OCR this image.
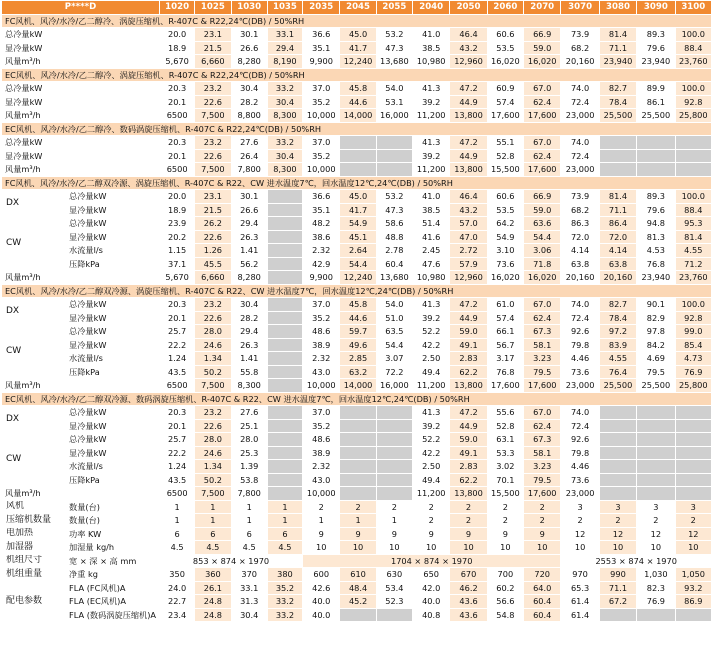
P****D		1020	1025	1030	1035	2035	2045	2055	2040	2050	2060	2070	3070	3080	3090	3100
FC风机、风冷/水冷/乙二醇冷、涡旋压缩机、R-407C & R22,24℃(DB) / 50%RH																
总冷量kW		20.0	23.1	30.1	33.1	36.6	45.0	53.2	41.0	46.4	60.6	66.9	73.9	81.4	89.3	100.0
显冷量kW		18.9	21.5	26.6	29.4	35.1	41.7	47.3	38.5	43.2	53.5	59.0	68.2	71.1	79.6	88.4
风量m³/h		5,670	6,660	8,280	8,190	9,900	12,240	13,680	10,980	12,960	16,020	16,020	20,160	23,940	23,940	23,760
EC风机、风冷/水冷/乙二醇冷、涡旋压缩机、R-407C & R22,24℃(DB) / 50%RH																
总冷量kW		20.3	23.2	30.4	33.2	37.0	45.8	54.0	41.3	47.2	60.9	67.0	74.0	82.7	89.9	100.0
显冷量kW		20.1	22.6	28.2	30.4	35.2	44.6	53.1	39.2	44.9	57.4	62.4	72.4	78.4	86.1	92.8
风量m³/h		6500	7,500	8,800	8,300	10,000	14,000	16,000	11,200	13,800	17,600	17,600	23,000	25,500	25,500	25,800
EC风机、风冷/水冷/乙二醇冷、数码涡旋压缩机、R-407C & R22,24℃(DB) / 50%RH																
总冷量kW		20.3	23.2	27.6	33.2	37.0			41.3	47.2	55.1	67.0	74.0			
显冷量kW		20.1	22.6	26.4	30.4	35.2			39.2	44.9	52.8	62.4	72.4			
风量m³/h		6500	7,500	7,800	8,300	10,000			11,200	13,800	15,500	17,600	23,000			
FC风机、风冷/水冷/乙二醇双冷源、涡旋压缩机、R-407C & R22、CW 进水温度7℃，回水温度12℃,24℃(DB) / 50%RH																
DX	总冷量kW	20.0	23.1	30.1		36.6	45.0	53.2	41.0	46.4	60.6	66.9	73.9	81.4	89.3	100.0
	显冷量kW	18.9	21.5	26.6		35.1	41.7	47.3	38.5	43.2	53.5	59.0	68.2	71.1	79.6	88.4
CW	总冷量kW	23.9	26.2	29.4		48.2	54.9	58.6	51.4	57.0	64.2	63.6	86.3	86.4	94.8	95.3
	显冷量kW	20.2	22.6	26.3		38.6	45.1	48.8	41.6	47.0	54.9	54.4	72.0	72.0	81.3	81.4
	水流量l/s	1.15	1.26	1.41		2.32	2.64	2.78	2.45	2.72	3.10	3.06	4.14	4.14	4.53	4.55
	压降kPa	37.1	45.5	56.2		42.9	54.4	60.4	47.6	57.9	73.6	71.8	63.8	63.8	76.8	71.2
风量m³/h		5,670	6,660	8,280		9,900	12,240	13,680	10,980	12,960	16,020	16,020	20,160	20,160	23,940	23,760
EC风机、风冷/水冷/乙二醇双冷源、涡旋压缩机、R-407C & R22、CW 进水温度7℃，回水温度12℃,24℃(DB) / 50%RH																
DX	总冷量kW	20.3	23.2	30.4		37.0	45.8	54.0	41.3	47.2	61.0	67.0	74.0	82.7	90.1	100.0
	显冷量kW	20.1	22.6	28.2		35.2	44.6	51.0	39.2	44.9	57.4	62.4	72.4	78.4	82.9	92.8
CW	总冷量kW	25.7	28.0	29.4		48.6	59.7	63.5	52.2	59.0	66.1	67.3	92.6	97.2	97.8	99.0
	显冷量kW	22.2	24.6	26.3		38.9	49.6	54.4	42.2	49.1	56.7	58.1	79.8	83.9	84.2	85.4
	水流量l/s	1.24	1.34	1.41		2.32	2.85	3.07	2.50	2.83	3.17	3.23	4.46	4.55	4.69	4.73
	压降kPa	43.5	50.2	55.8		43.0	63.2	72.2	49.4	62.2	76.8	79.5	73.6	76.4	79.5	76.9
风量m³/h		6500	7,500	8,300		10,000	14,000	16,000	11,200	13,800	17,600	17,600	23,000	25,500	25,500	25,800
EC风机、风冷/水冷/乙二醇双冷源、数码涡旋压缩机、R-407C & R22、CW 进水温度7℃，回水温度12℃,24℃(DB) / 50%RH																
DX	总冷量kW	20.3	23.2	27.6		37.0			41.3	47.2	55.6	67.0	74.0			
	显冷量kW	20.1	22.6	25.1		35.2			39.2	44.9	52.8	62.4	72.4			
CW	总冷量kW	25.7	28.0	28.0		48.6			52.2	59.0	63.1	67.3	92.6			
	显冷量kW	22.2	24.6	25.3		38.9			42.2	49.1	53.3	58.1	79.8			
	水流量l/s	1.24	1.34	1.39		2.32			2.50	2.83	3.02	3.23	4.46			
	压降kPa	43.5	50.2	53.8		43.0			49.4	62.2	70.1	79.5	73.6			
风量m³/h		6500	7,500	7,800		10,000			11,200	13,800	15,500	17,600	23,000			
风机	数量(台)	1	1	1	1	2	2	2	2	2	2	2	3	3	3	3
压缩机数量	数量(台)	1	1	1	1	1	1	1	2	2	2	2	2	2	2	2
电加热	功率 KW	6	6	6	6	9	9	9	9	9	9	9	12	12	12	12
加湿器	加湿量 kg/h	4.5	4.5	4.5	4.5	10	10	10	10	10	10	10	10	10	10	10
机组尺寸	宽 × 深 × 高 mm	853 × 874 × 1970				1704 × 874 × 1970							2553 × 874 × 1970			
机组重量	净重 kg	350	360	370	380	600	610	630	650	670	700	720	970	990	1,030	1,050
配电参数	FLA (FC风机)A	24.0	26.1	33.1	35.2	42.6	48.4	53.4	42.0	46.2	60.2	64.0	65.3	71.1	82.3	93.2
	FLA (EC风机)A	22.7	24.8	31.3	33.2	40.0	45.2	52.3	40.0	43.6	56.6	60.4	61.4	67.2	76.9	86.9
	FLA (数码涡旋压缩机)A	23.4	24.8	30.4	33.2	40.0			40.8	43.6	54.8	60.4	61.4			
